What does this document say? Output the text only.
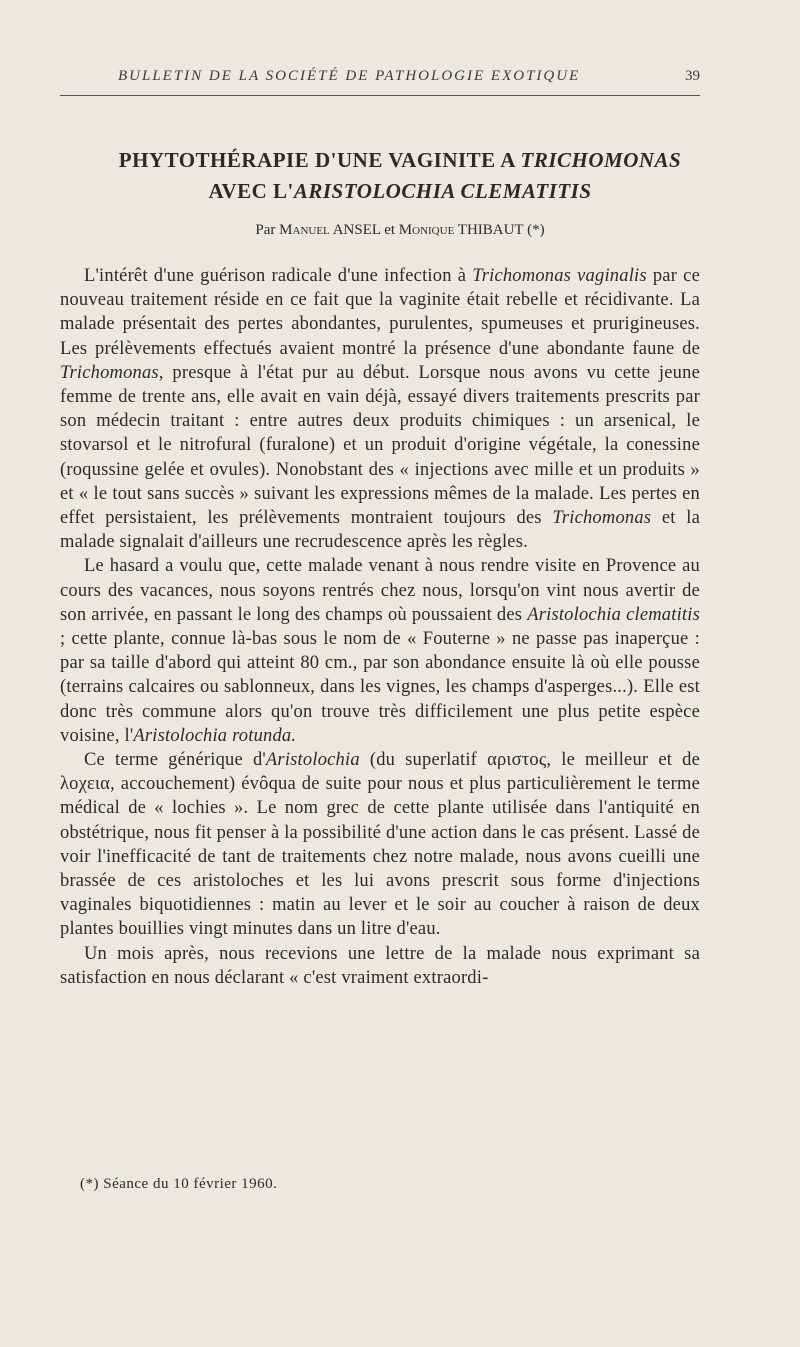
BULLETIN DE LA SOCIÉTÉ DE PATHOLOGIE EXOTIQUE	39
PHYTOTHÉRAPIE D'UNE VAGINITE A TRICHOMONAS
AVEC L'ARISTOLOCHIA CLEMATITIS
Par Manuel ANSEL et Monique THIBAUT (*)

L'intérêt d'une guérison radicale d'une infection à Trichomonas vaginalis par ce nouveau traitement réside en ce fait que la vaginite était rebelle et récidivante. La malade présentait des pertes abondantes, purulentes, spumeuses et prurigineuses. Les prélèvements effectués avaient montré la présence d'une abondante faune de Trichomonas, presque à l'état pur au début. Lorsque nous avons vu cette jeune femme de trente ans, elle avait en vain déjà, essayé divers traitements prescrits par son médecin traitant : entre autres deux produits chimiques : un arsenical, le stovarsol et le nitrofural (furalone) et un produit d'origine végétale, la conessine (roqussine gelée et ovules). Nonobstant des « injections avec mille et un produits » et « le tout sans succès » suivant les expressions mêmes de la malade. Les pertes en effet persistaient, les prélèvements montraient toujours des Trichomonas et la malade signalait d'ailleurs une recrudescence après les règles.

Le hasard a voulu que, cette malade venant à nous rendre visite en Provence au cours des vacances, nous soyons rentrés chez nous, lorsqu'on vint nous avertir de son arrivée, en passant le long des champs où poussaient des Aristolochia clematitis ; cette plante, connue là-bas sous le nom de « Fouterne » ne passe pas inaperçue : par sa taille d'abord qui atteint 80 cm., par son abondance ensuite là où elle pousse (terrains calcaires ou sablonneux, dans les vignes, les champs d'asperges...). Elle est donc très commune alors qu'on trouve très difficilement une plus petite espèce voisine, l'Aristolochia rotunda.

Ce terme générique d'Aristolochia (du superlatif αριστος, le meilleur et de λοχεια, accouchement) évôqua de suite pour nous et plus particulièrement le terme médical de « lochies ». Le nom grec de cette plante utilisée dans l'antiquité en obstétrique, nous fit penser à la possibilité d'une action dans le cas présent. Lassé de voir l'inefficacité de tant de traitements chez notre malade, nous avons cueilli une brassée de ces aristoloches et les lui avons prescrit sous forme d'injections vaginales biquotidiennes : matin au lever et le soir au coucher à raison de deux plantes bouillies vingt minutes dans un litre d'eau.

Un mois après, nous recevions une lettre de la malade nous exprimant sa satisfaction en nous déclarant « c'est vraiment extraordi-

(*) Séance du 10 février 1960.
